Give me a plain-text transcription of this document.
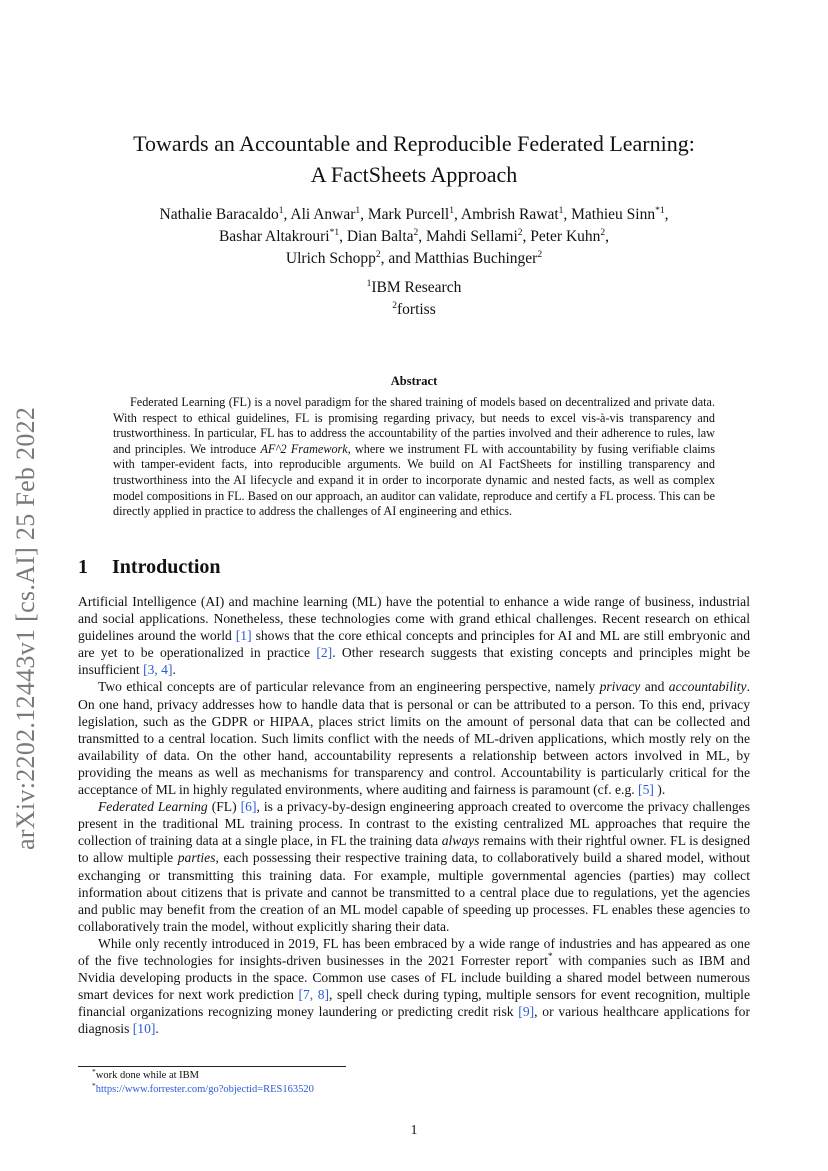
arXiv:2202.12443v1 [cs.AI] 25 Feb 2022
Towards an Accountable and Reproducible Federated Learning:
A FactSheets Approach
Nathalie Baracaldo$^1$, Ali Anwar$^1$, Mark Purcell$^1$, Ambrish Rawat$^1$, Mathieu Sinn$^{*1}$,
Bashar Altakrouri$^{*1}$, Dian Balta$^2$, Mahdi Sellami$^2$, Peter Kuhn$^2$,
Ulrich Schopp$^2$, and Matthias Buchinger$^2$
$^1$IBM Research
$^2$fortiss
Abstract

Federated Learning (FL) is a novel paradigm for the shared training of models based on decentralized and private data. With respect to ethical guidelines, FL is promising regarding privacy, but needs to excel vis-à-vis transparency and trustworthiness. In particular, FL has to address the accountability of the parties involved and their adherence to rules, law and principles. We introduce AF^2 Framework, where we instrument FL with accountability by fusing verifiable claims with tamper-evident facts, into reproducible arguments. We build on AI FactSheets for instilling transparency and trustworthiness into the AI lifecycle and expand it in order to incorporate dynamic and nested facts, as well as complex model compositions in FL. Based on our approach, an auditor can validate, reproduce and certify a FL process. This can be directly applied in practice to address the challenges of AI engineering and ethics.

1 Introduction

Artificial Intelligence (AI) and machine learning (ML) have the potential to enhance a wide range of business, industrial and social applications. Nonetheless, these technologies come with grand ethical challenges. Recent research on ethical guidelines around the world [1] shows that the core ethical concepts and principles for AI and ML are still embryonic and are yet to be operationalized in practice [2]. Other research suggests that existing concepts and principles might be insufficient [3, 4].

Two ethical concepts are of particular relevance from an engineering perspective, namely privacy and accountability. On one hand, privacy addresses how to handle data that is personal or can be attributed to a person. To this end, privacy legislation, such as the GDPR or HIPAA, places strict limits on the amount of personal data that can be collected and transmitted to a central location. Such limits conflict with the needs of ML-driven applications, which mostly rely on the availability of data. On the other hand, accountability represents a relationship between actors involved in ML, by providing the means as well as mechanisms for transparency and control. Accountability is particularly critical for the acceptance of ML in highly regulated environments, where auditing and fairness is paramount (cf. e.g. [5] ).

Federated Learning (FL) [6], is a privacy-by-design engineering approach created to overcome the privacy challenges present in the traditional ML training process. In contrast to the existing centralized ML approaches that require the collection of training data at a single place, in FL the training data always remains with their rightful owner. FL is designed to allow multiple parties, each possessing their respective training data, to collaboratively build a shared model, without exchanging or transmitting this training data. For example, multiple governmental agencies (parties) may collect information about citizens that is private and cannot be transmitted to a central place due to regulations, yet the agencies and public may benefit from the creation of an ML model capable of speeding up processes. FL enables these agencies to collaboratively train the model, without explicitly sharing their data.

While only recently introduced in 2019, FL has been embraced by a wide range of industries and has appeared as one of the five technologies for insights-driven businesses in the 2021 Forrester report* with companies such as IBM and Nvidia developing products in the space. Common use cases of FL include building a shared model between numerous smart devices for next work prediction [7, 8], spell check during typing, multiple sensors for event recognition, multiple financial organizations recognizing money laundering or predicting credit risk [9], or various healthcare applications for diagnosis [10].

*work done while at IBM
*https://www.forrester.com/go?objectid=RES163520
1
